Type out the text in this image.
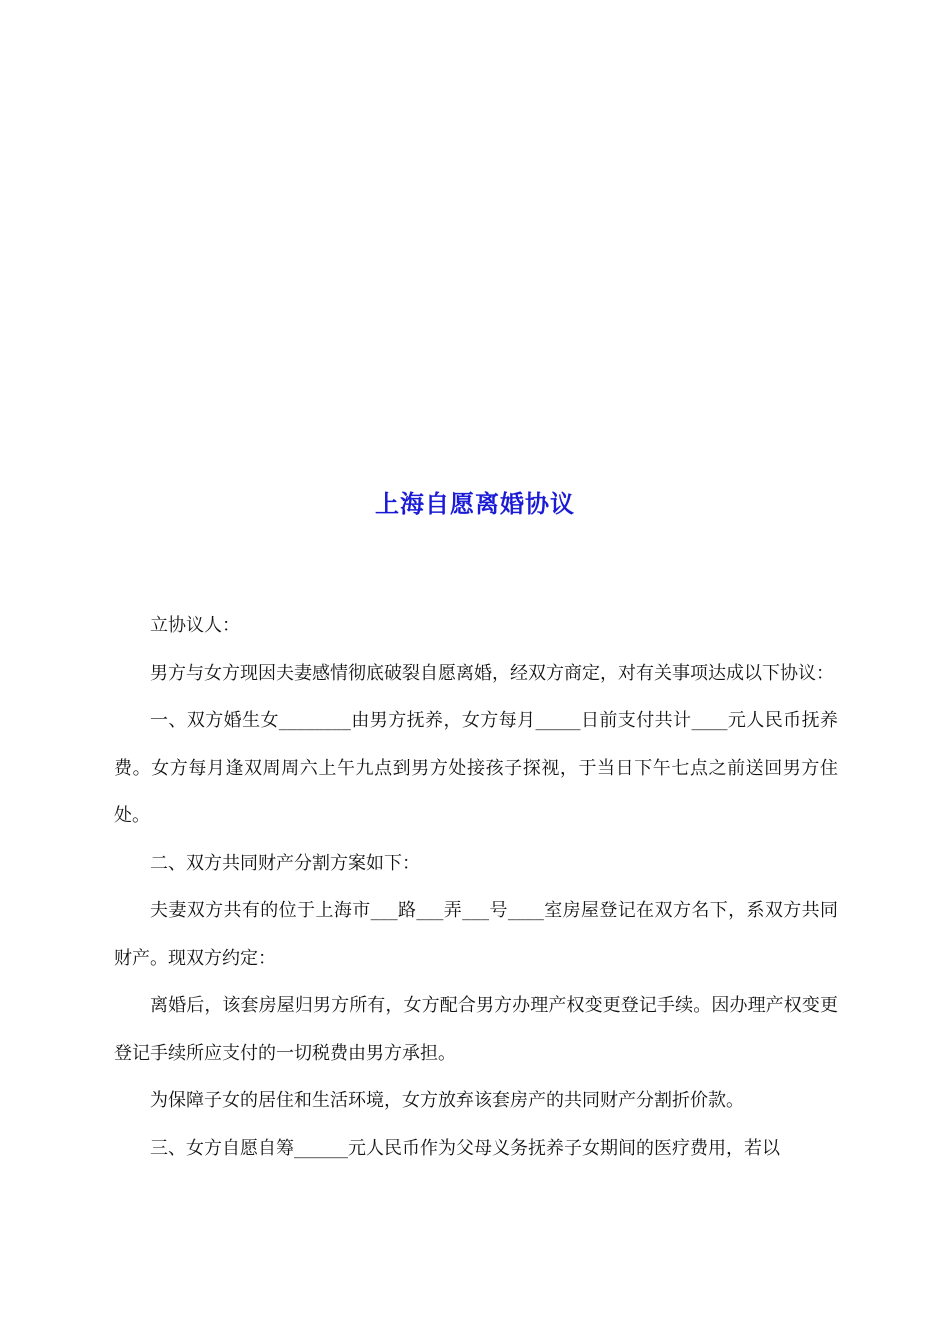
上海自愿离婚协议

立协议人：

男方与女方现因夫妻感情彻底破裂自愿离婚，经双方商定，对有关事项达成以下协议：

一、双方婚生女________由男方抚养，女方每月_____日前支付共计____元人民币抚养费。女方每月逢双周周六上午九点到男方处接孩子探视，于当日下午七点之前送回男方住处。

二、双方共同财产分割方案如下：

夫妻双方共有的位于上海市___路___弄___号____室房屋登记在双方名下，系双方共同财产。现双方约定：

离婚后，该套房屋归男方所有，女方配合男方办理产权变更登记手续。因办理产权变更登记手续所应支付的一切税费由男方承担。

为保障子女的居住和生活环境，女方放弃该套房产的共同财产分割折价款。

三、女方自愿自筹______元人民币作为父母义务抚养子女期间的医疗费用，若以
